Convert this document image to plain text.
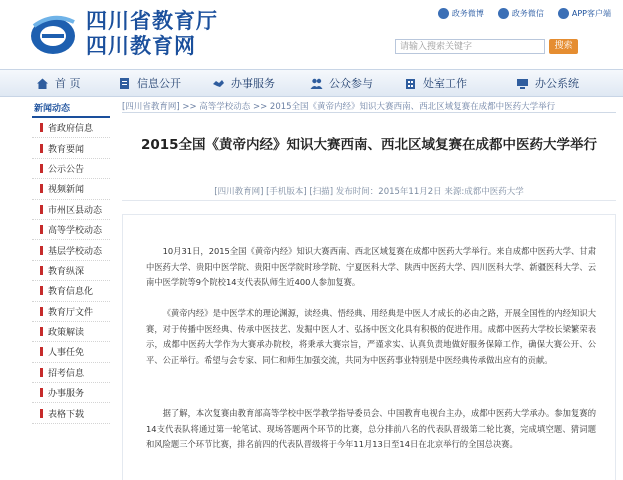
四川省教育厅
四川教育网
政务微博	政务微信	APP客户端
请输入搜索关键字	搜索
首 页	信息公开	办事服务	公众参与	处室工作	办公系统
新闻动态
省政府信息
教育要闻
公示公告
视频新闻
市州区县动态
高等学校动态
基层学校动态
教育纵深
教育信息化
教育厅文件
政策解读
人事任免
招考信息
办事服务
表格下载
[四川省教育网] >> 高等学校动态 >> 2015全国《黄帝内经》知识大赛西南、西北区域复赛在成都中医药大学举行
2015全国《黄帝内经》知识大赛西南、西北区域复赛在成都中医药大学举行
[四川教育网] [手机版本] [扫描] 发布时间：2015年11月2日 来源:成都中医药大学

10月31日，2015全国《黄帝内经》知识大赛西南、西北区域复赛在成都中医药大学举行。来自成都中医药大学、甘肃中医药大学、贵阳中医学院、贵阳中医学院时珍学院、宁夏医科大学、陕西中医药大学、四川医科大学、新疆医科大学、云南中医学院等9个院校14支代表队师生近400人参加复赛。

《黄帝内经》是中医学术的理论渊源，读经典、悟经典、用经典是中医人才成长的必由之路，开展全国性的内经知识大赛，对于传播中医经典、传承中医技艺、发掘中医人才、弘扬中医文化具有积极的促进作用。成都中医药大学校长梁繁荣表示，成都中医药大学作为大赛承办院校，将秉承大赛宗旨，严谨求实、认真负责地做好服务保障工作，确保大赛公开、公平、公正举行。希望与会专家、同仁和师生加强交流，共同为中医药事业特别是中医经典传承做出应有的贡献。

据了解，本次复赛由教育部高等学校中医学教学指导委员会、中国教育电视台主办，成都中医药大学承办。参加复赛的14支代表队将通过第一轮笔试、现场答题两个环节的比赛，总分排前八名的代表队晋级第二轮比赛，完成填空题、猜词题和风险题三个环节比赛，排名前四的代表队晋级将于今年11月13日至14日在北京举行的全国总决赛。
